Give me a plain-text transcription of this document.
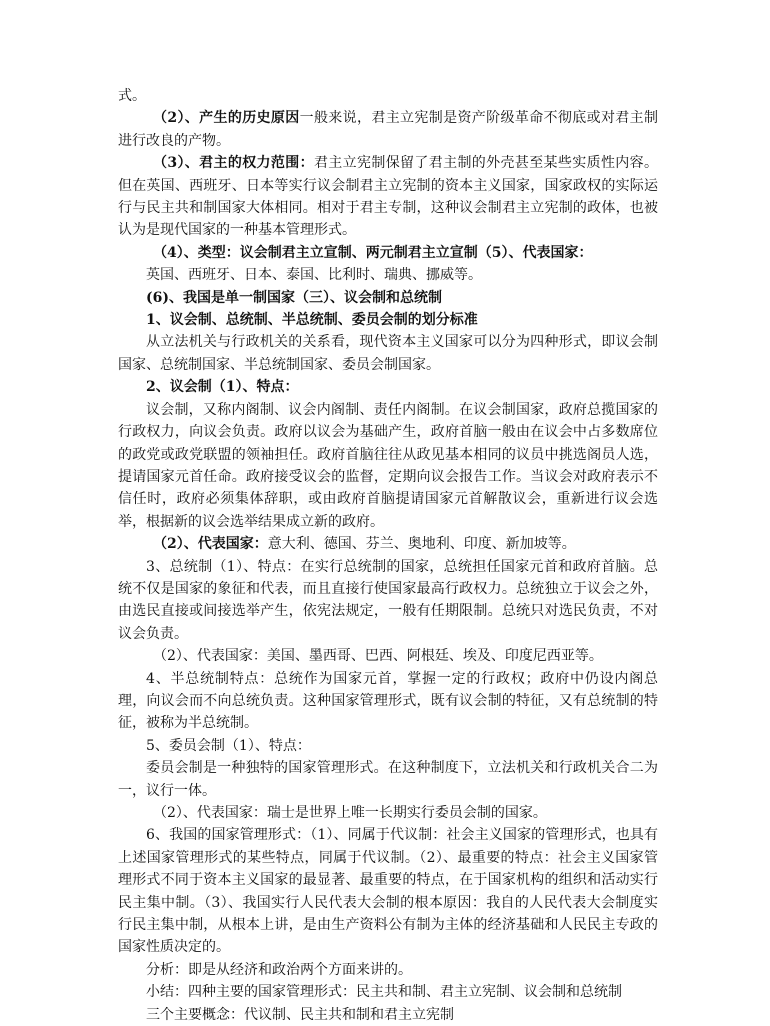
式。

（2）、产生的历史原因一般来说，君主立宪制是资产阶级革命不彻底或对君主制进行改良的产物。

（3）、君主的权力范围：君主立宪制保留了君主制的外壳甚至某些实质性内容。但在英国、西班牙、日本等实行议会制君主立宪制的资本主义国家，国家政权的实际运行与民主共和制国家大体相同。相对于君主专制，这种议会制君主立宪制的政体，也被认为是现代国家的一种基本管理形式。

（4）、类型：议会制君主立宣制、两元制君主立宣制（5）、代表国家：

英国、西班牙、日本、泰国、比利时、瑞典、挪威等。

(6)、我国是单一制国家（三）、议会制和总统制

1、议会制、总统制、半总统制、委员会制的划分标准

从立法机关与行政机关的关系看，现代资本主义国家可以分为四种形式，即议会制国家、总统制国家、半总统制国家、委员会制国家。

2、议会制（1）、特点：

议会制，又称内阁制、议会内阁制、责任内阁制。在议会制国家，政府总揽国家的行政权力，向议会负责。政府以议会为基础产生，政府首脑一般由在议会中占多数席位的政党或政党联盟的领袖担任。政府首脑往往从政见基本相同的议员中挑选阁员人选，提请国家元首任命。政府接受议会的监督，定期向议会报告工作。当议会对政府表示不信任时，政府必须集体辞职，或由政府首脑提请国家元首解散议会，重新进行议会选举，根据新的议会选举结果成立新的政府。

（2）、代表国家：意大利、德国、芬兰、奥地利、印度、新加坡等。

3、总统制（1）、特点：在实行总统制的国家，总统担任国家元首和政府首脑。总统不仅是国家的象征和代表，而且直接行使国家最高行政权力。总统独立于议会之外，由选民直接或间接选举产生，依宪法规定，一般有任期限制。总统只对选民负责，不对议会负责。

（2）、代表国家：美国、墨西哥、巴西、阿根廷、埃及、印度尼西亚等。

4、半总统制特点：总统作为国家元首，掌握一定的行政权；政府中仍设内阁总理，向议会而不向总统负责。这种国家管理形式，既有议会制的特征，又有总统制的特征，被称为半总统制。

5、委员会制（1）、特点：

委员会制是一种独特的国家管理形式。在这种制度下，立法机关和行政机关合二为一，议行一体。

（2）、代表国家：瑞士是世界上唯一长期实行委员会制的国家。

6、我国的国家管理形式：（1）、同属于代议制：社会主义国家的管理形式，也具有上述国家管理形式的某些特点，同属于代议制。（2）、最重要的特点：社会主义国家管理形式不同于资本主义国家的最显著、最重要的特点，在于国家机构的组织和活动实行民主集中制。（3）、我国实行人民代表大会制的根本原因：我自的人民代表大会制度实行民主集中制，从根本上讲，是由生产资料公有制为主体的经济基础和人民民主专政的国家性质决定的。

分析：即是从经济和政治两个方面来讲的。

小结：四种主要的国家管理形式：民主共和制、君主立宪制、议会制和总统制

三个主要概念：代议制、民主共和制和君主立宪制
